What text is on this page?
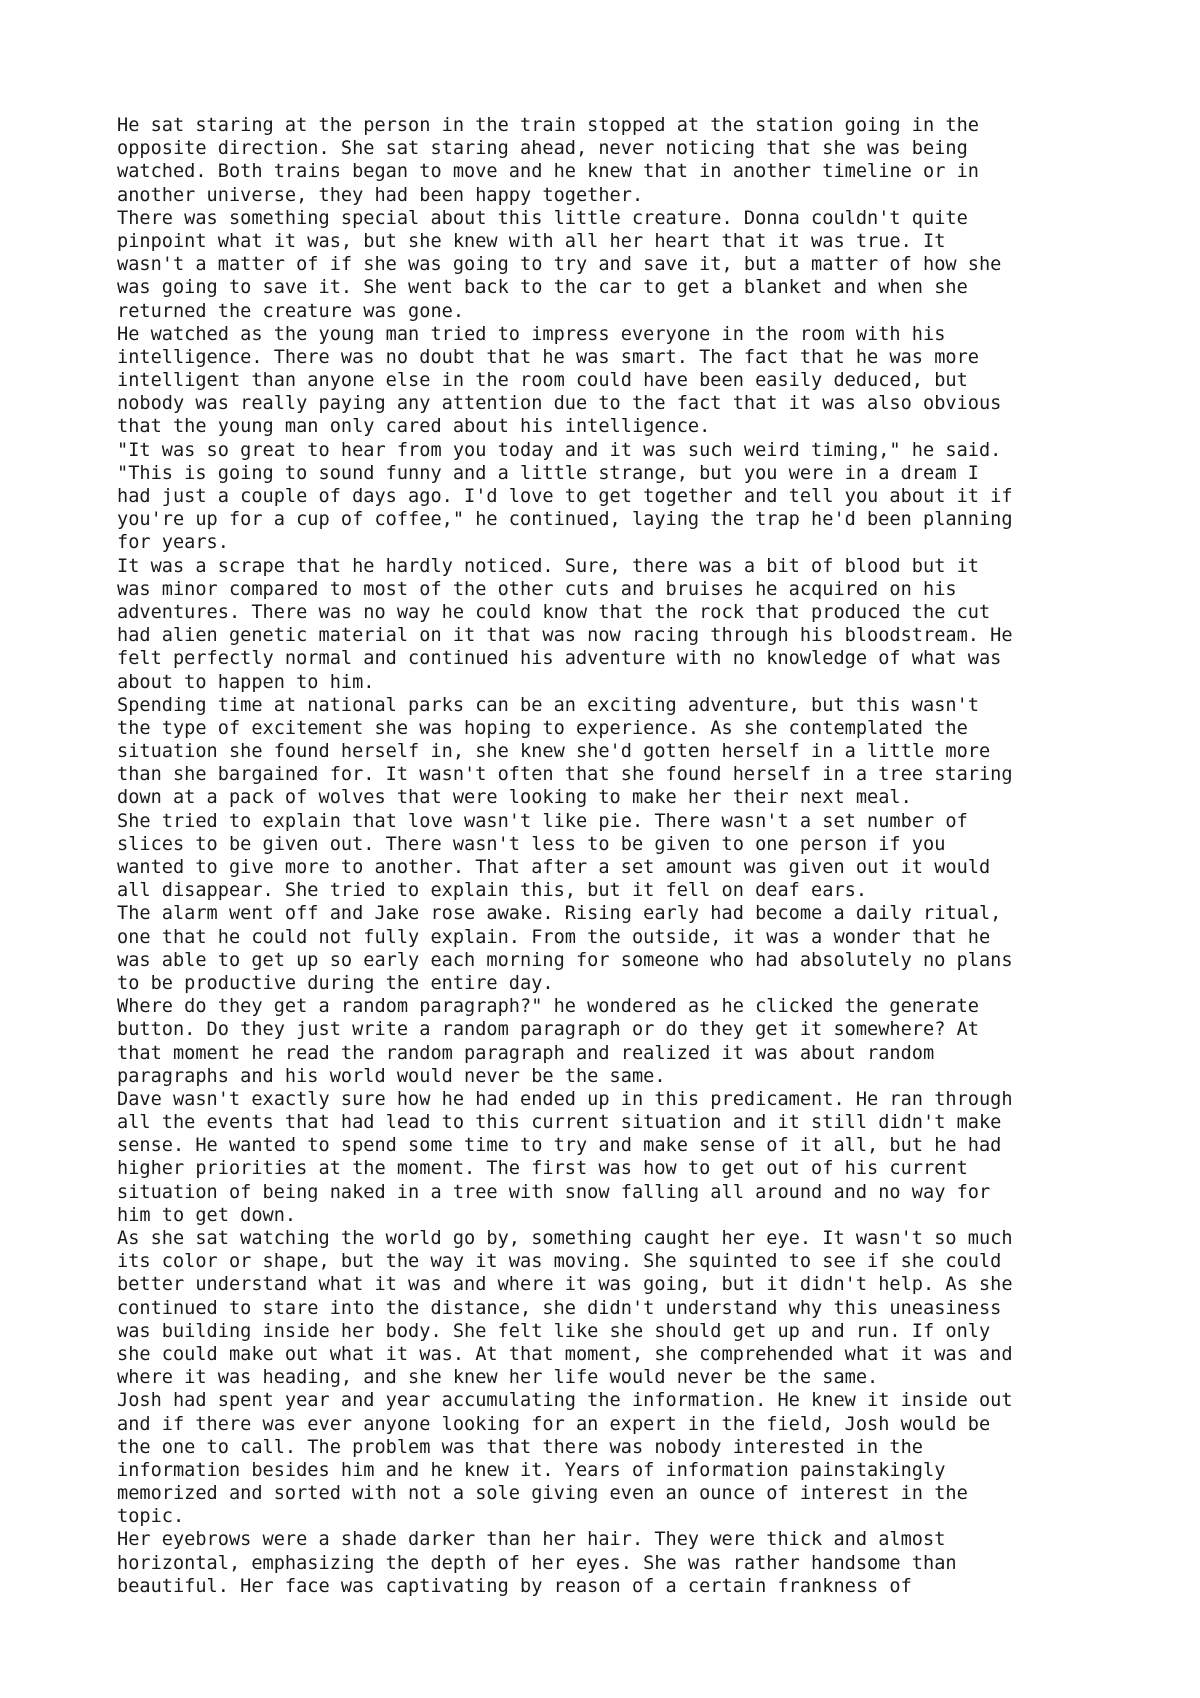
He sat staring at the person in the train stopped at the station going in the
opposite direction. She sat staring ahead, never noticing that she was being
watched. Both trains began to move and he knew that in another timeline or in
another universe, they had been happy together.
There was something special about this little creature. Donna couldn't quite
pinpoint what it was, but she knew with all her heart that it was true. It
wasn't a matter of if she was going to try and save it, but a matter of how she
was going to save it. She went back to the car to get a blanket and when she
returned the creature was gone.
He watched as the young man tried to impress everyone in the room with his
intelligence. There was no doubt that he was smart. The fact that he was more
intelligent than anyone else in the room could have been easily deduced, but
nobody was really paying any attention due to the fact that it was also obvious
that the young man only cared about his intelligence.
"It was so great to hear from you today and it was such weird timing," he said.
"This is going to sound funny and a little strange, but you were in a dream I
had just a couple of days ago. I'd love to get together and tell you about it if
you're up for a cup of coffee," he continued, laying the trap he'd been planning
for years.
It was a scrape that he hardly noticed. Sure, there was a bit of blood but it
was minor compared to most of the other cuts and bruises he acquired on his
adventures. There was no way he could know that the rock that produced the cut
had alien genetic material on it that was now racing through his bloodstream. He
felt perfectly normal and continued his adventure with no knowledge of what was
about to happen to him.
Spending time at national parks can be an exciting adventure, but this wasn't
the type of excitement she was hoping to experience. As she contemplated the
situation she found herself in, she knew she'd gotten herself in a little more
than she bargained for. It wasn't often that she found herself in a tree staring
down at a pack of wolves that were looking to make her their next meal.
She tried to explain that love wasn't like pie. There wasn't a set number of
slices to be given out. There wasn't less to be given to one person if you
wanted to give more to another. That after a set amount was given out it would
all disappear. She tried to explain this, but it fell on deaf ears.
The alarm went off and Jake rose awake. Rising early had become a daily ritual,
one that he could not fully explain. From the outside, it was a wonder that he
was able to get up so early each morning for someone who had absolutely no plans
to be productive during the entire day.
Where do they get a random paragraph?" he wondered as he clicked the generate
button. Do they just write a random paragraph or do they get it somewhere? At
that moment he read the random paragraph and realized it was about random
paragraphs and his world would never be the same.
Dave wasn't exactly sure how he had ended up in this predicament. He ran through
all the events that had lead to this current situation and it still didn't make
sense. He wanted to spend some time to try and make sense of it all, but he had
higher priorities at the moment. The first was how to get out of his current
situation of being naked in a tree with snow falling all around and no way for
him to get down.
As she sat watching the world go by, something caught her eye. It wasn't so much
its color or shape, but the way it was moving. She squinted to see if she could
better understand what it was and where it was going, but it didn't help. As she
continued to stare into the distance, she didn't understand why this uneasiness
was building inside her body. She felt like she should get up and run. If only
she could make out what it was. At that moment, she comprehended what it was and
where it was heading, and she knew her life would never be the same.
Josh had spent year and year accumulating the information. He knew it inside out
and if there was ever anyone looking for an expert in the field, Josh would be
the one to call. The problem was that there was nobody interested in the
information besides him and he knew it. Years of information painstakingly
memorized and sorted with not a sole giving even an ounce of interest in the
topic.
Her eyebrows were a shade darker than her hair. They were thick and almost
horizontal, emphasizing the depth of her eyes. She was rather handsome than
beautiful. Her face was captivating by reason of a certain frankness of
